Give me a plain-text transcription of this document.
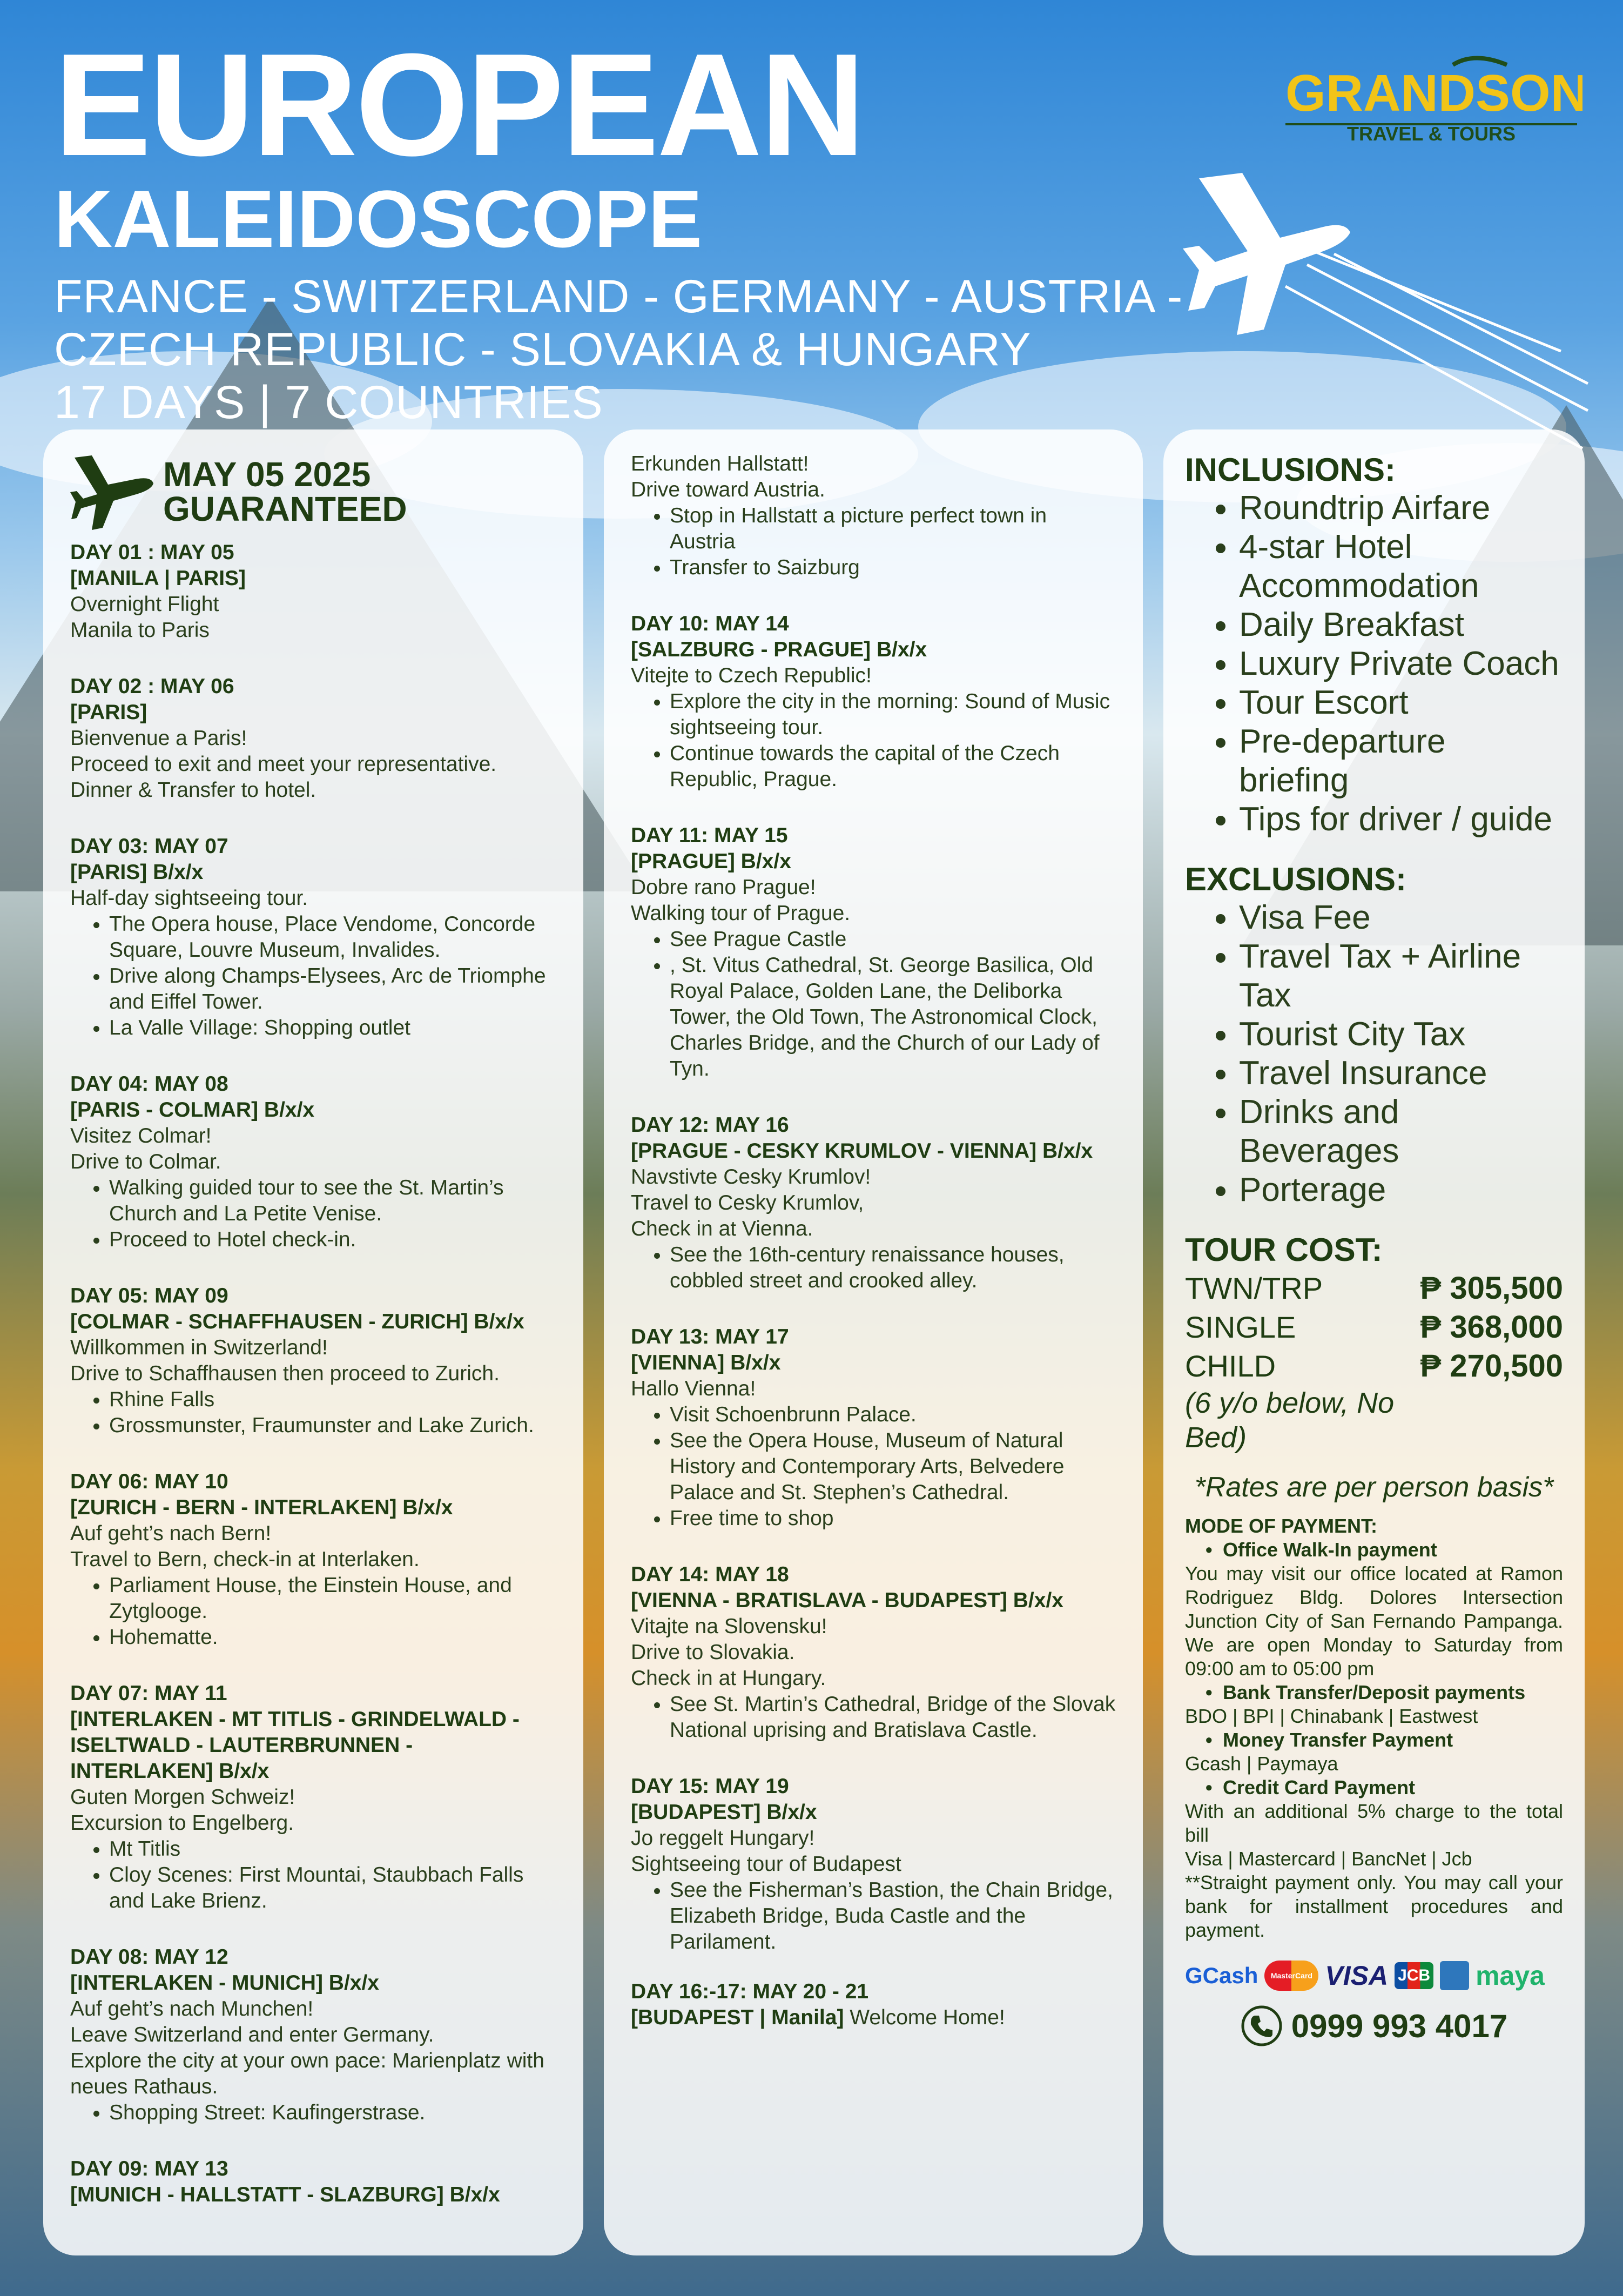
EUROPEAN
KALEIDOSCOPE
FRANCE - SWITZERLAND - GERMANY - AUSTRIA -
CZECH REPUBLIC - SLOVAKIA & HUNGARY
17 DAYS | 7 COUNTRIES
GRANDSON
TRAVEL & TOURS
MAY 05 2025
GUARANTEED
DAY 01 : MAY 05
[MANILA | PARIS]
Overnight Flight
Manila to Paris
DAY 02 : MAY 06
[PARIS]
Bienvenue a Paris!
Proceed to exit and meet your representative.
Dinner & Transfer to hotel.
DAY 03: MAY 07
[PARIS] B/x/x
Half-day sightseeing tour.
• The Opera house, Place Vendome, Concorde Square, Louvre Museum, Invalides.
• Drive along Champs-Elysees, Arc de Triomphe and Eiffel Tower.
• La Valle Village: Shopping outlet
DAY 04: MAY 08
[PARIS - COLMAR] B/x/x
Visitez Colmar!
Drive to Colmar.
• Walking guided tour to see the St. Martin’s Church and La Petite Venise.
• Proceed to Hotel check-in.
DAY 05: MAY 09
[COLMAR - SCHAFFHAUSEN - ZURICH] B/x/x
Willkommen in Switzerland!
Drive to Schaffhausen then proceed to Zurich.
• Rhine Falls
• Grossmunster, Fraumunster and Lake Zurich.
DAY 06: MAY 10
[ZURICH - BERN - INTERLAKEN] B/x/x
Auf geht’s nach Bern!
Travel to Bern, check-in at Interlaken.
• Parliament House, the Einstein House, and Zytglooge.
• Hohematte.
DAY 07: MAY 11
[INTERLAKEN - MT TITLIS - GRINDELWALD - ISELTWALD - LAUTERBRUNNEN - INTERLAKEN] B/x/x
Guten Morgen Schweiz!
Excursion to Engelberg.
• Mt Titlis
• Cloy Scenes: First Mountai, Staubbach Falls and Lake Brienz.
DAY 08: MAY 12
[INTERLAKEN - MUNICH] B/x/x
Auf geht’s nach Munchen!
Leave Switzerland and enter Germany.
Explore the city at your own pace: Marienplatz with neues Rathaus.
• Shopping Street: Kaufingerstrase.
DAY 09: MAY 13
[MUNICH - HALLSTATT - SLAZBURG] B/x/x
Erkunden Hallstatt!
Drive toward Austria.
• Stop in Hallstatt a picture perfect town in Austria
• Transfer to Saizburg
DAY 10: MAY 14
[SALZBURG - PRAGUE] B/x/x
Vitejte to Czech Republic!
• Explore the city in the morning: Sound of Music sightseeing tour.
• Continue towards the capital of the Czech Republic, Prague.
DAY 11: MAY 15
[PRAGUE] B/x/x
Dobre rano Prague!
Walking tour of Prague.
• See Prague Castle
• , St. Vitus Cathedral, St. George Basilica, Old Royal Palace, Golden Lane, the Deliborka Tower, the Old Town, The Astronomical Clock, Charles Bridge, and the Church of our Lady of Tyn.
DAY 12: MAY 16
[PRAGUE - CESKY KRUMLOV - VIENNA] B/x/x
Navstivte Cesky Krumlov!
Travel to Cesky Krumlov,
Check in at Vienna.
• See the 16th-century renaissance houses, cobbled street and crooked alley.
DAY 13: MAY 17
[VIENNA] B/x/x
Hallo Vienna!
• Visit Schoenbrunn Palace.
• See the Opera House, Museum of Natural History and Contemporary Arts, Belvedere Palace and St. Stephen’s Cathedral.
• Free time to shop
DAY 14: MAY 18
[VIENNA - BRATISLAVA - BUDAPEST] B/x/x
Vitajte na Slovensku!
Drive to Slovakia.
Check in at Hungary.
• See St. Martin’s Cathedral, Bridge of the Slovak National uprising and Bratislava Castle.
DAY 15: MAY 19
[BUDAPEST] B/x/x
Jo reggelt Hungary!
Sightseeing tour of Budapest
• See the Fisherman’s Bastion, the Chain Bridge, Elizabeth Bridge, Buda Castle and the Parilament.
DAY 16:-17: MAY 20 - 21
[BUDAPEST | Manila] Welcome Home!
INCLUSIONS:
• Roundtrip Airfare
• 4-star Hotel Accommodation
• Daily Breakfast
• Luxury Private Coach
• Tour Escort
• Pre-departure briefing
• Tips for driver / guide
EXCLUSIONS:
• Visa Fee
• Travel Tax + Airline Tax
• Tourist City Tax
• Travel Insurance
• Drinks and Beverages
• Porterage
TOUR COST:
TWN/TRP	₱ 305,500
SINGLE	₱ 368,000
CHILD	₱ 270,500
(6 y/o below, No Bed)
*Rates are per person basis*
MODE OF PAYMENT:
• Office Walk-In payment
You may visit our office located at Ramon Rodriguez Bldg. Dolores Intersection Junction City of San Fernando Pampanga. We are open Monday to Saturday from 09:00 am to 05:00 pm
• Bank Transfer/Deposit payments
BDO | BPI | Chinabank | Eastwest
• Money Transfer Payment
Gcash | Paymaya
• Credit Card Payment
With an additional 5% charge to the total bill
Visa | Mastercard | BancNet | Jcb
**Straight payment only. You may call your bank for installment procedures and payment.
GCash MasterCard VISA JCB maya
0999 993 4017
